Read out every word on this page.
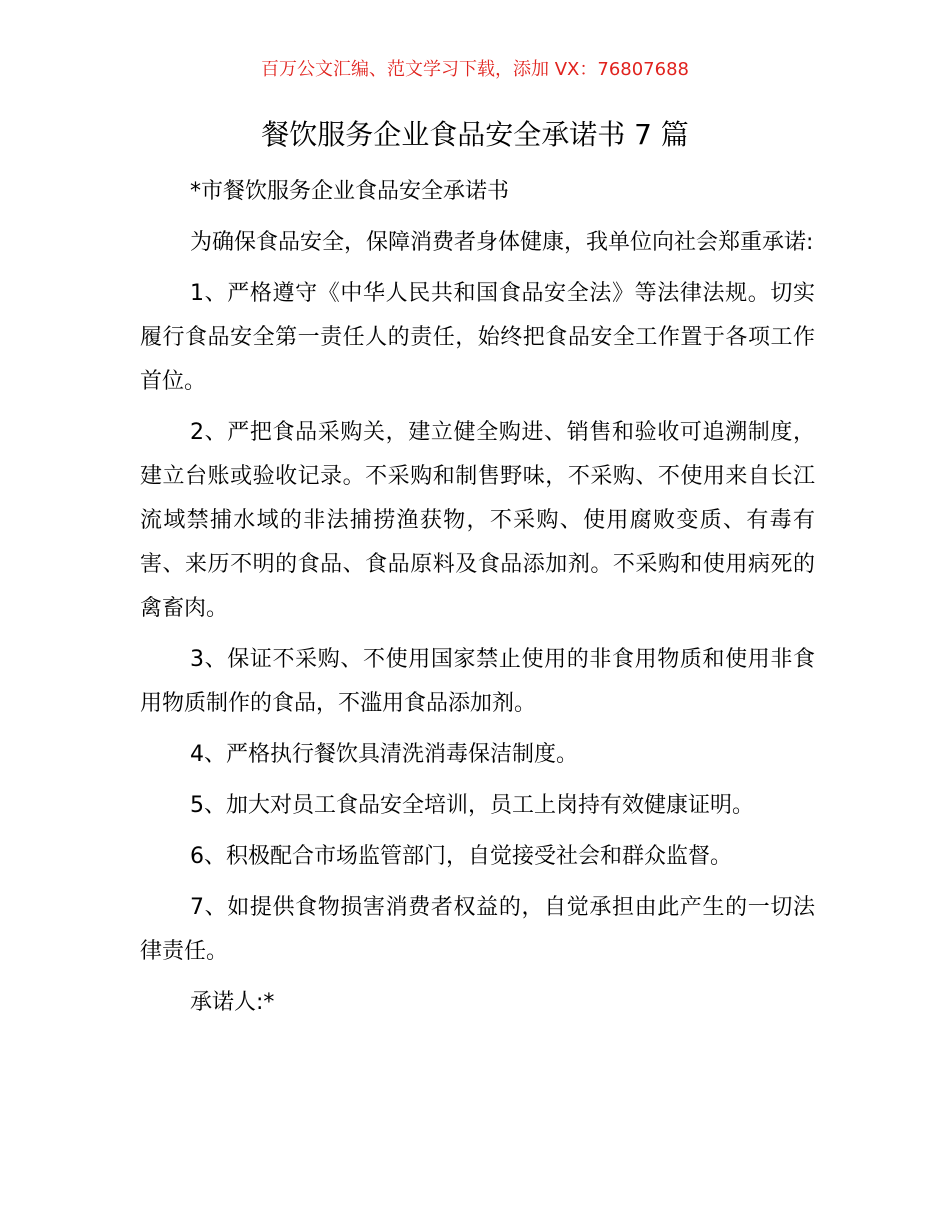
百万公文汇编、范文学习下载，添加 VX：76807688
餐饮服务企业食品安全承诺书 7 篇

*市餐饮服务企业食品安全承诺书

为确保食品安全，保障消费者身体健康，我单位向社会郑重承诺:

1、严格遵守《中华人民共和国食品安全法》等法律法规。切实履行食品安全第一责任人的责任，始终把食品安全工作置于各项工作首位。

2、严把食品采购关，建立健全购进、销售和验收可追溯制度，建立台账或验收记录。不采购和制售野味，不采购、不使用来自长江流域禁捕水域的非法捕捞渔获物，不采购、使用腐败变质、有毒有害、来历不明的食品、食品原料及食品添加剂。不采购和使用病死的禽畜肉。

3、保证不采购、不使用国家禁止使用的非食用物质和使用非食用物质制作的食品，不滥用食品添加剂。

4、严格执行餐饮具清洗消毒保洁制度。

5、加大对员工食品安全培训，员工上岗持有效健康证明。

6、积极配合市场监管部门，自觉接受社会和群众监督。

7、如提供食物损害消费者权益的，自觉承担由此产生的一切法律责任。

承诺人:*
